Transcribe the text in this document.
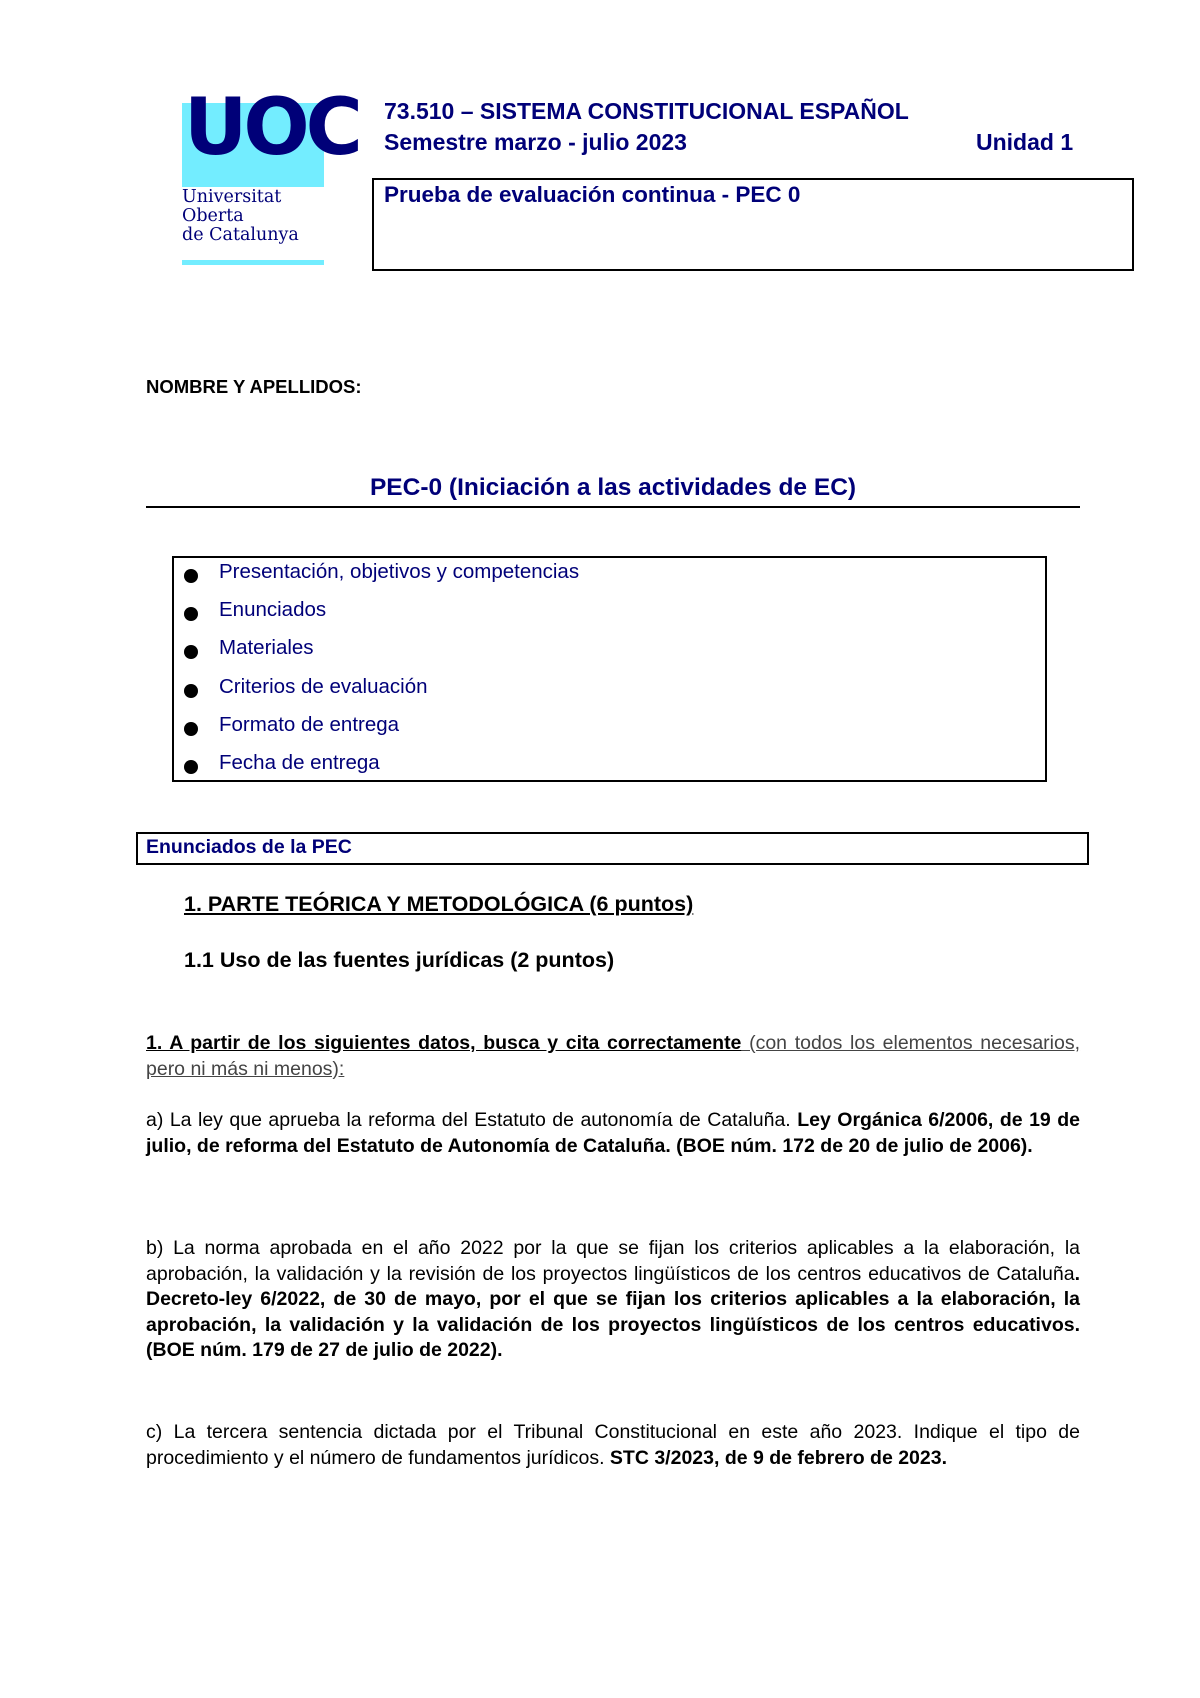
UOC
Universitat
Oberta
de Catalunya
73.510 – SISTEMA CONSTITUCIONAL ESPAÑOL
Semestre marzo - julio 2023	Unidad 1
Prueba de evaluación continua - PEC 0
NOMBRE Y APELLIDOS:
PEC-0 (Iniciación a las actividades de EC)
Presentación, objetivos y competencias
Enunciados
Materiales
Criterios de evaluación
Formato de entrega
Fecha de entrega
Enunciados de la PEC
1. PARTE TEÓRICA Y METODOLÓGICA (6 puntos)
1.1 Uso de las fuentes jurídicas (2 puntos)
1. A partir de los siguientes datos, busca y cita correctamente (con todos los elementos necesarios, pero ni más ni menos):
a) La ley que aprueba la reforma del Estatuto de autonomía de Cataluña. Ley Orgánica 6/2006, de 19 de julio, de reforma del Estatuto de Autonomía de Cataluña. (BOE núm. 172 de 20 de julio de 2006).
b) La norma aprobada en el año 2022 por la que se fijan los criterios aplicables a la elaboración, la aprobación, la validación y la revisión de los proyectos lingüísticos de los centros educativos de Cataluña. Decreto-ley 6/2022, de 30 de mayo, por el que se fijan los criterios aplicables a la elaboración, la aprobación, la validación y la validación de los proyectos lingüísticos de los centros educativos. (BOE núm. 179 de 27 de julio de 2022).
c) La tercera sentencia dictada por el Tribunal Constitucional en este año 2023. Indique el tipo de procedimiento y el número de fundamentos jurídicos. STC 3/2023, de 9 de febrero de 2023.
